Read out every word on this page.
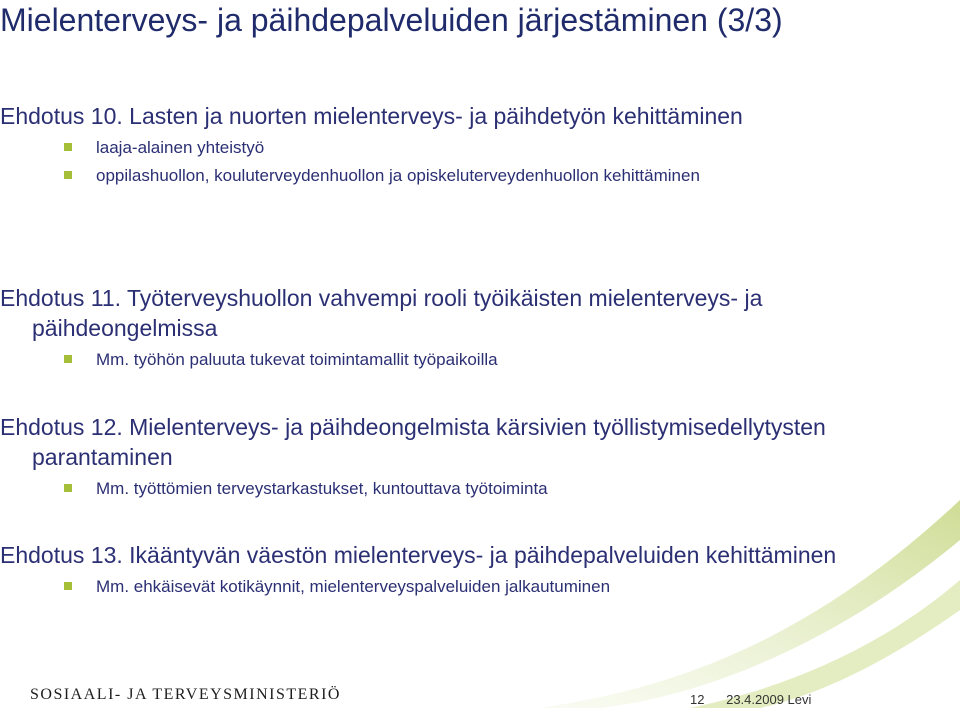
Mielenterveys- ja päihdepalveluiden järjestäminen (3/3)

Ehdotus 10. Lasten ja nuorten mielenterveys- ja päihdetyön kehittäminen

laaja-alainen yhteistyö
oppilashuollon, kouluterveydenhuollon ja opiskeluterveydenhuollon kehittäminen

Ehdotus 11. Työterveyshuollon vahvempi rooli työikäisten mielenterveys- ja päihdeongelmissa

Mm. työhön paluuta tukevat toimintamallit työpaikoilla

Ehdotus 12. Mielenterveys- ja päihdeongelmista kärsivien työllistymisedellytysten parantaminen

Mm. työttömien terveystarkastukset, kuntouttava työtoiminta

Ehdotus 13. Ikääntyvän väestön mielenterveys- ja päihdepalveluiden kehittäminen

Mm. ehkäisevät kotikäynnit, mielenterveyspalveluiden jalkautuminen
SOSIAALI- JA TERVEYSMINISTERIÖ	12 23.4.2009 Levi
